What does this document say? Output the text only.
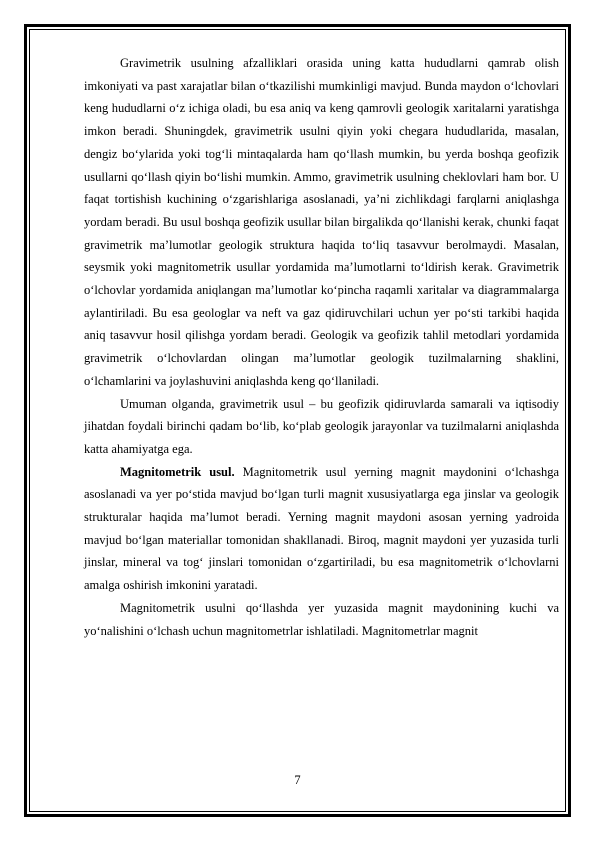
Gravimetrik usulning afzalliklari orasida uning katta hududlarni qamrab olish imkoniyati va past xarajatlar bilan o‘tkazilishi mumkinligi mavjud. Bunda maydon o‘lchovlari keng hududlarni o‘z ichiga oladi, bu esa aniq va keng qamrovli geologik xaritalarni yaratishga imkon beradi. Shuningdek, gravimetrik usulni qiyin yoki chegara hududlarida, masalan, dengiz bo‘ylarida yoki tog‘li mintaqalarda ham qo‘llash mumkin, bu yerda boshqa geofizik usullarni qo‘llash qiyin bo‘lishi mumkin. Ammo, gravimetrik usulning cheklovlari ham bor. U faqat tortishish kuchining o‘zgarishlariga asoslanadi, ya’ni zichlikdagi farqlarni aniqlashga yordam beradi. Bu usul boshqa geofizik usullar bilan birgalikda qo‘llanishi kerak, chunki faqat gravimetrik ma’lumotlar geologik struktura haqida to‘liq tasavvur berolmaydi. Masalan, seysmik yoki magnitometrik usullar yordamida ma’lumotlarni to‘ldirish kerak. Gravimetrik o‘lchovlar yordamida aniqlangan ma’lumotlar ko‘pincha raqamli xaritalar va diagrammalarga aylantiriladi. Bu esa geologlar va neft va gaz qidiruvchilari uchun yer po‘sti tarkibi haqida aniq tasavvur hosil qilishga yordam beradi. Geologik va geofizik tahlil metodlari yordamida gravimetrik o‘lchovlardan olingan ma’lumotlar geologik tuzilmalarning shaklini, o‘lchamlarini va joylashuvini aniqlashda keng qo‘llaniladi.

Umuman olganda, gravimetrik usul – bu geofizik qidiruvlarda samarali va iqtisodiy jihatdan foydali birinchi qadam bo‘lib, ko‘plab geologik jarayonlar va tuzilmalarni aniqlashda katta ahamiyatga ega.

Magnitometrik usul. Magnitometrik usul yerning magnit maydonini o‘lchashga asoslanadi va yer po‘stida mavjud bo‘lgan turli magnit xususiyatlarga ega jinslar va geologik strukturalar haqida ma’lumot beradi. Yerning magnit maydoni asosan yerning yadroida mavjud bo‘lgan materiallar tomonidan shakllanadi. Biroq, magnit maydoni yer yuzasida turli jinslar, mineral va tog‘ jinslari tomonidan o‘zgartiriladi, bu esa magnitometrik o‘lchovlarni amalga oshirish imkonini yaratadi.

Magnitometrik usulni qo‘llashda yer yuzasida magnit maydonining kuchi va yo‘nalishini o‘lchash uchun magnitometrlar ishlatiladi. Magnitometrlar magnit

7
